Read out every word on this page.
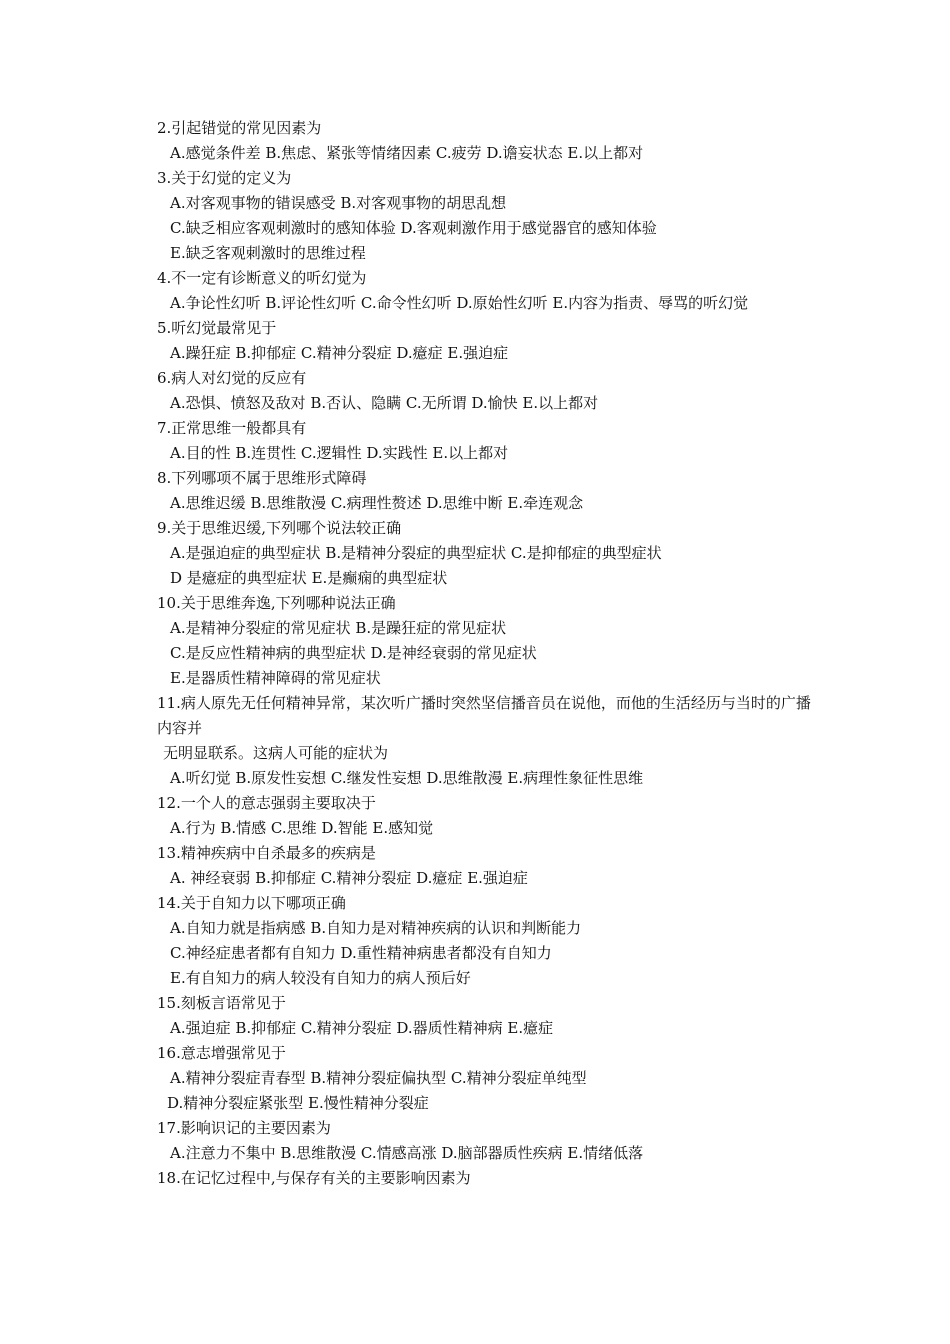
2.引起错觉的常见因素为
A.感觉条件差 B.焦虑、紧张等情绪因素 C.疲劳 D.谵妄状态 E.以上都对
3.关于幻觉的定义为
A.对客观事物的错误感受 B.对客观事物的胡思乱想
C.缺乏相应客观刺激时的感知体验 D.客观刺激作用于感觉器官的感知体验
E.缺乏客观刺激时的思维过程
4.不一定有诊断意义的听幻觉为
A.争论性幻听 B.评论性幻听 C.命令性幻听 D.原始性幻听 E.内容为指责、辱骂的听幻觉
5.听幻觉最常见于
A.躁狂症 B.抑郁症 C.精神分裂症 D.癔症 E.强迫症
6.病人对幻觉的反应有
A.恐惧、愤怒及敌对 B.否认、隐瞒 C.无所谓 D.愉快 E.以上都对
7.正常思维一般都具有
A.目的性 B.连贯性 C.逻辑性 D.实践性 E.以上都对
8.下列哪项不属于思维形式障碍
A.思维迟缓 B.思维散漫 C.病理性赘述 D.思维中断 E.牵连观念
9.关于思维迟缓,下列哪个说法较正确
A.是强迫症的典型症状 B.是精神分裂症的典型症状 C.是抑郁症的典型症状
D 是癔症的典型症状 E.是癫痫的典型症状
10.关于思维奔逸,下列哪种说法正确
A.是精神分裂症的常见症状 B.是躁狂症的常见症状
C.是反应性精神病的典型症状 D.是神经衰弱的常见症状
E.是器质性精神障碍的常见症状
11.病人原先无任何精神异常，某次听广播时突然坚信播音员在说他，而他的生活经历与当时的广播内容并
无明显联系。这病人可能的症状为
A.听幻觉 B.原发性妄想 C.继发性妄想 D.思维散漫 E.病理性象征性思维
12.一个人的意志强弱主要取决于
A.行为 B.情感 C.思维 D.智能 E.感知觉
13.精神疾病中自杀最多的疾病是
A. 神经衰弱 B.抑郁症 C.精神分裂症 D.癔症 E.强迫症
14.关于自知力以下哪项正确
A.自知力就是指病感 B.自知力是对精神疾病的认识和判断能力
C.神经症患者都有自知力 D.重性精神病患者都没有自知力
E.有自知力的病人较没有自知力的病人预后好
15.刻板言语常见于
A.强迫症 B.抑郁症 C.精神分裂症 D.器质性精神病 E.癔症
16.意志增强常见于
A.精神分裂症青春型 B.精神分裂症偏执型 C.精神分裂症单纯型
D.精神分裂症紧张型 E.慢性精神分裂症
17.影响识记的主要因素为
A.注意力不集中 B.思维散漫 C.情感高涨 D.脑部器质性疾病 E.情绪低落
18.在记忆过程中,与保存有关的主要影响因素为
